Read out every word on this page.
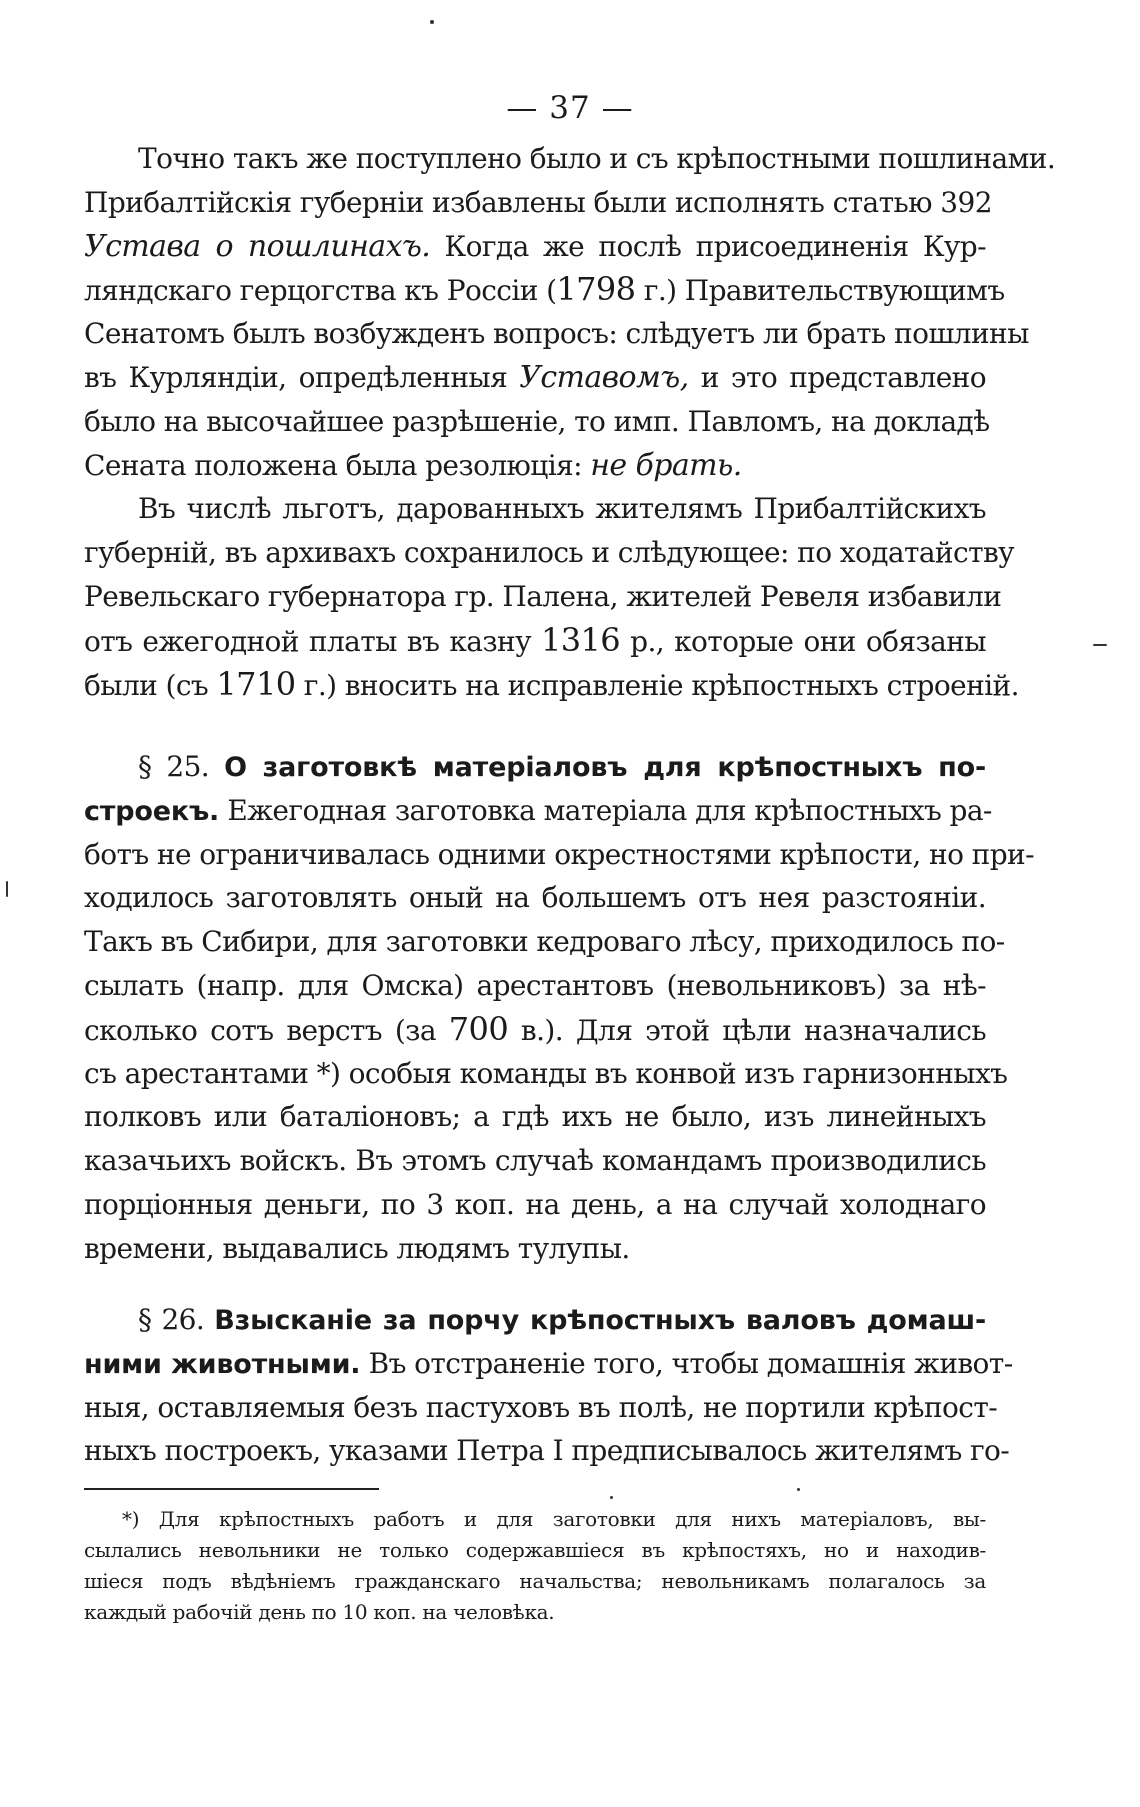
— 37 —
Точно такъ же поступлено было и съ крѣпостными пошлинами.
Прибалтійскія губерніи избавлены были исполнять статью 392
Устава о пошлинахъ. Когда же послѣ присоединенія Кур-
ляндскаго герцогства къ Россіи (1798 г.) Правительствующимъ
Сенатомъ былъ возбужденъ вопросъ: слѣдуетъ ли брать пошлины
въ Курляндіи, опредѣленныя Уставомъ, и это представлено
было на высочайшее разрѣшеніе, то имп. Павломъ, на докладѣ
Сената положена была резолюція: не брать.
Въ числѣ льготъ, дарованныхъ жителямъ Прибалтійскихъ
губерній, въ архивахъ сохранилось и слѣдующее: по ходатайству
Ревельскаго губернатора гр. Палена, жителей Ревеля избавили
отъ ежегодной платы въ казну 1316 р., которые они обязаны
были (съ 1710 г.) вносить на исправленіе крѣпостныхъ строеній.
§ 25. О заготовкѣ матеріаловъ для крѣпостныхъ по-
строекъ. Ежегодная заготовка матеріала для крѣпостныхъ ра-
ботъ не ограничивалась одними окрестностями крѣпости, но при-
ходилось заготовлять оный на большемъ отъ нея разстояніи.
Такъ въ Сибири, для заготовки кедроваго лѣсу, приходилось по-
сылать (напр. для Омска) арестантовъ (невольниковъ) за нѣ-
сколько сотъ верстъ (за 700 в.). Для этой цѣли назначались
съ арестантами *) особыя команды въ конвой изъ гарнизонныхъ
полковъ или баталіоновъ; а гдѣ ихъ не было, изъ линейныхъ
казачьихъ войскъ. Въ этомъ случаѣ командамъ производились
порціонныя деньги, по 3 коп. на день, а на случай холоднаго
времени, выдавались людямъ тулупы.
§ 26. Взысканіе за порчу крѣпостныхъ валовъ домаш-
ними животными. Въ отстраненіе того, чтобы домашнія живот-
ныя, оставляемыя безъ пастуховъ въ полѣ, не портили крѣпост-
ныхъ построекъ, указами Петра I предписывалось жителямъ го-
*) Для крѣпостныхъ работъ и для заготовки для нихъ матеріаловъ, вы-
сылались невольники не только содержавшіеся въ крѣпостяхъ, но и находив-
шіеся подъ вѣдѣніемъ гражданскаго начальства; невольникамъ полагалось за
каждый рабочій день по 10 коп. на человѣка.
